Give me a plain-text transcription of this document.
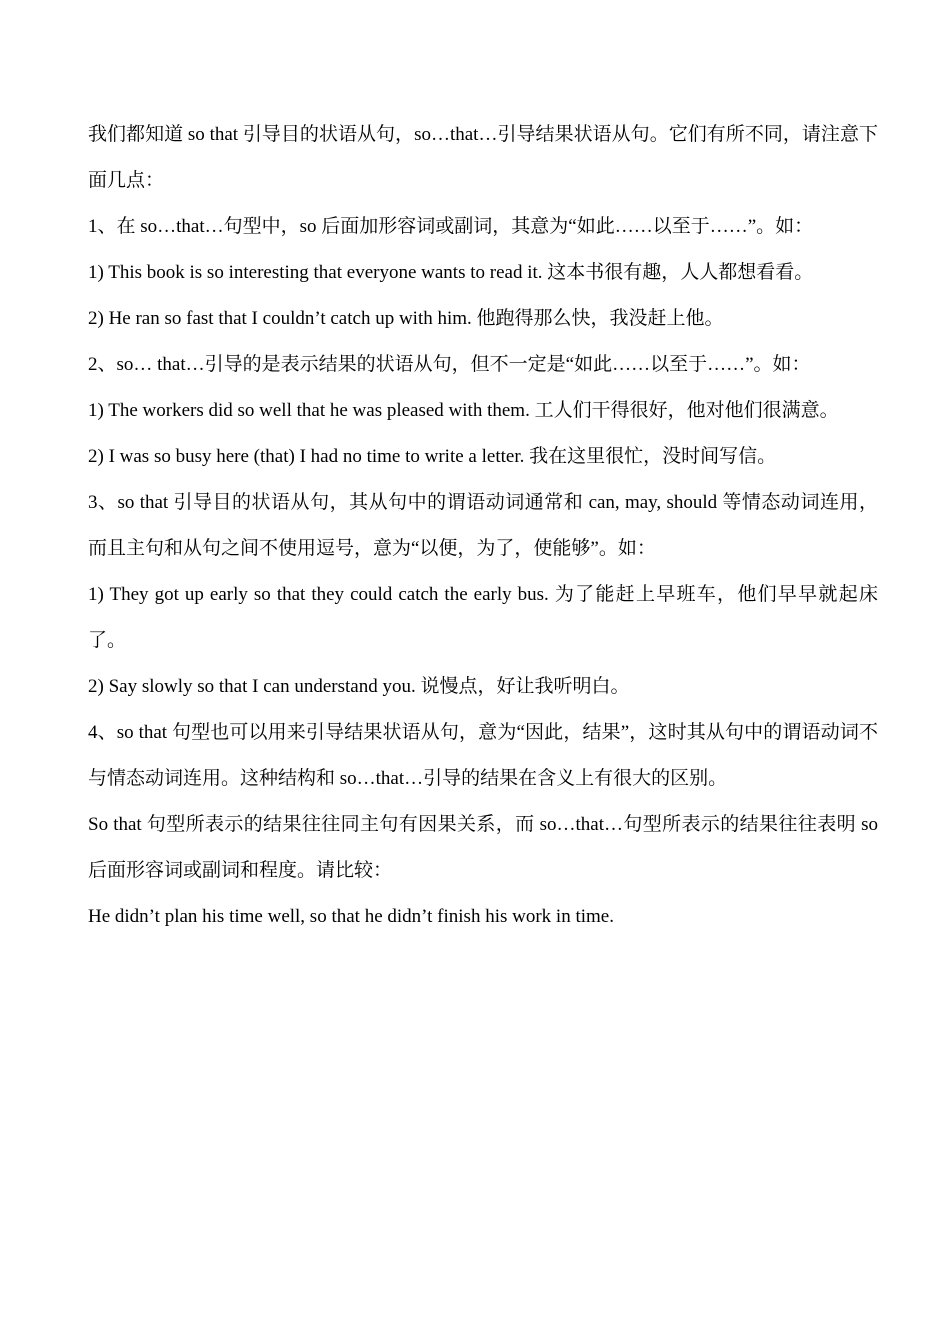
我们都知道 so that 引导目的状语从句，so…that…引导结果状语从句。它们有所不同，请注意下面几点：

1、在 so…that…句型中，so 后面加形容词或副词，其意为“如此……以至于……”。如：

1) This book is so interesting that everyone wants to read it. 这本书很有趣，人人都想看看。

2) He ran so fast that I couldn’t catch up with him. 他跑得那么快，我没赶上他。

2、so… that…引导的是表示结果的状语从句，但不一定是“如此……以至于……”。如：

1) The workers did so well that he was pleased with them. 工人们干得很好，他对他们很满意。

2) I was so busy here (that) I had no time to write a letter. 我在这里很忙，没时间写信。

3、so that 引导目的状语从句，其从句中的谓语动词通常和 can, may, should 等情态动词连用，而且主句和从句之间不使用逗号，意为“以便，为了，使能够”。如：

1) They got up early so that they could catch the early bus. 为了能赶上早班车，他们早早就起床了。

2) Say slowly so that I can understand you. 说慢点，好让我听明白。

4、so that 句型也可以用来引导结果状语从句，意为“因此，结果”，这时其从句中的谓语动词不与情态动词连用。这种结构和 so…that…引导的结果在含义上有很大的区别。

So that 句型所表示的结果往往同主句有因果关系，而 so…that…句型所表示的结果往往表明 so 后面形容词或副词和程度。请比较：

He didn’t plan his time well, so that he didn’t finish his work in time.
